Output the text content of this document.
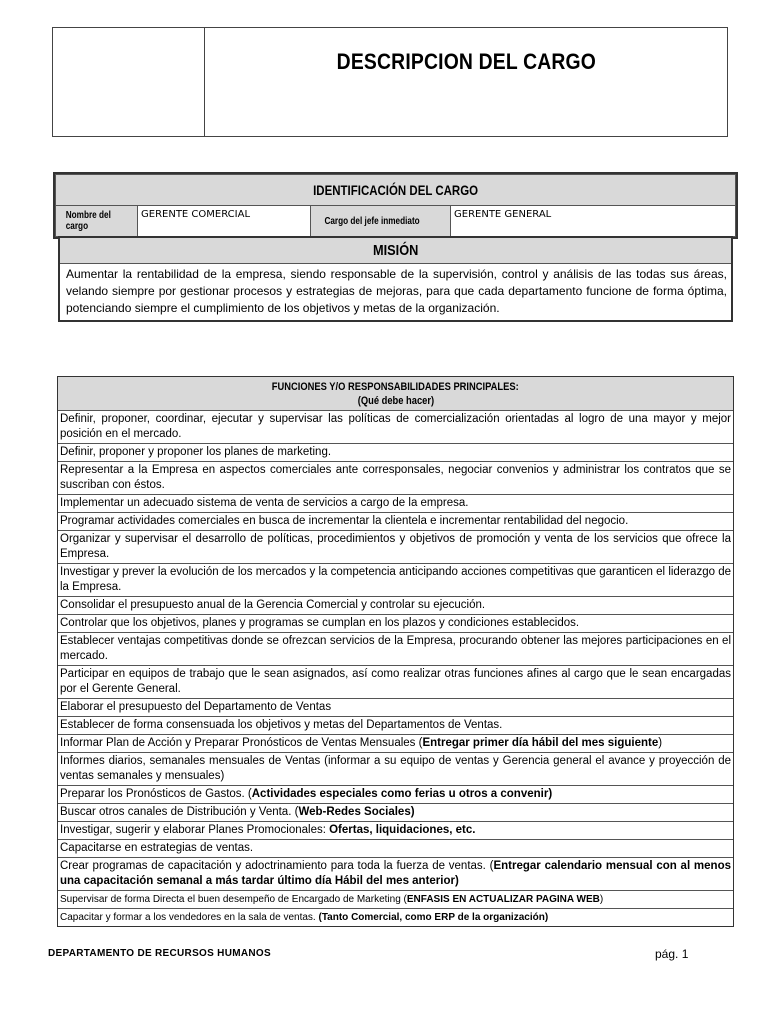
DESCRIPCION DEL CARGO
IDENTIFICACIÓN DEL CARGO
Nombre del cargo	GERENTE COMERCIAL	Cargo del jefe inmediato	GERENTE GENERAL
MISIÓN
Aumentar la rentabilidad de la empresa, siendo responsable de la supervisión, control y análisis de las todas sus áreas, velando siempre por gestionar procesos y estrategias de mejoras, para que cada departamento funcione de forma óptima, potenciando siempre el cumplimiento de los objetivos y metas de la organización.
FUNCIONES Y/O RESPONSABILIDADES PRINCIPALES:
(Qué debe hacer)
Definir, proponer, coordinar, ejecutar y supervisar las políticas de comercialización orientadas al logro de una mayor y mejor posición en el mercado.
Definir, proponer y proponer los planes de marketing.
Representar a la Empresa en aspectos comerciales ante corresponsales, negociar convenios y administrar los contratos que se suscriban con éstos.
Implementar un adecuado sistema de venta de servicios a cargo de la empresa.
Programar actividades comerciales en busca de incrementar la clientela e incrementar rentabilidad del negocio.
Organizar y supervisar el desarrollo de políticas, procedimientos y objetivos de promoción y venta de los servicios que ofrece la Empresa.
Investigar y prever la evolución de los mercados y la competencia anticipando acciones competitivas que garanticen el liderazgo de la Empresa.
Consolidar el presupuesto anual de la Gerencia Comercial y controlar su ejecución.
Controlar que los objetivos, planes y programas se cumplan en los plazos y condiciones establecidos.
Establecer ventajas competitivas donde se ofrezcan servicios de la Empresa, procurando obtener las mejores participaciones en el mercado.
Participar en equipos de trabajo que le sean asignados, así como realizar otras funciones afines al cargo que le sean encargadas por el Gerente General.
Elaborar el presupuesto del Departamento de Ventas
Establecer de forma consensuada los objetivos y metas del Departamentos de Ventas.
Informar Plan de Acción y Preparar Pronósticos de Ventas Mensuales (Entregar primer día hábil del mes siguiente)
Informes diarios, semanales mensuales de Ventas (informar a su equipo de ventas y Gerencia general el avance y proyección de ventas semanales y mensuales)
Preparar los Pronósticos de Gastos. (Actividades especiales como ferias u otros a convenir)
Buscar otros canales de Distribución y Venta. (Web-Redes Sociales)
Investigar, sugerir y elaborar Planes Promocionales: Ofertas, liquidaciones, etc.
Capacitarse en estrategias de ventas.
Crear programas de capacitación y adoctrinamiento para toda la fuerza de ventas. (Entregar calendario mensual con al menos una capacitación semanal a más tardar último día Hábil del mes anterior)
Supervisar de forma Directa el buen desempeño de Encargado de Marketing (ENFASIS EN ACTUALIZAR PAGINA WEB)
Capacitar y formar a los vendedores en la sala de ventas. (Tanto Comercial, como ERP de la organización)
DEPARTAMENTO DE RECURSOS HUMANOS	pág. 1
